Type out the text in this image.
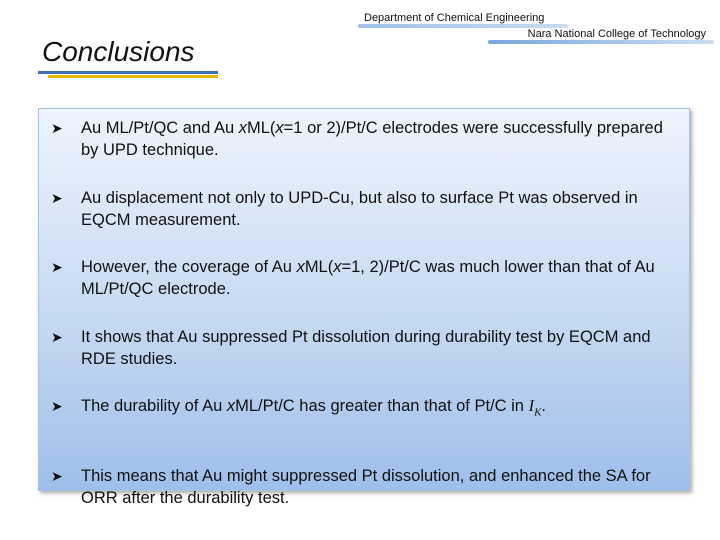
Department of Chemical Engineering
Nara National College of Technology
Conclusions
➤ Au ML/Pt/QC and Au xML(x=1 or 2)/Pt/C electrodes were successfully prepared by UPD technique.
➤ Au displacement not only to UPD-Cu, but also to surface Pt was observed in EQCM measurement.
➤ However, the coverage of Au xML(x=1, 2)/Pt/C was much lower than that of Au ML/Pt/QC electrode.
➤ It shows that Au suppressed Pt dissolution during durability test by EQCM and RDE studies.
➤ The durability of Au xML/Pt/C has greater than that of Pt/C in $I_K$.
➤ This means that Au might suppressed Pt dissolution, and enhanced the SA for ORR after the durability test.
